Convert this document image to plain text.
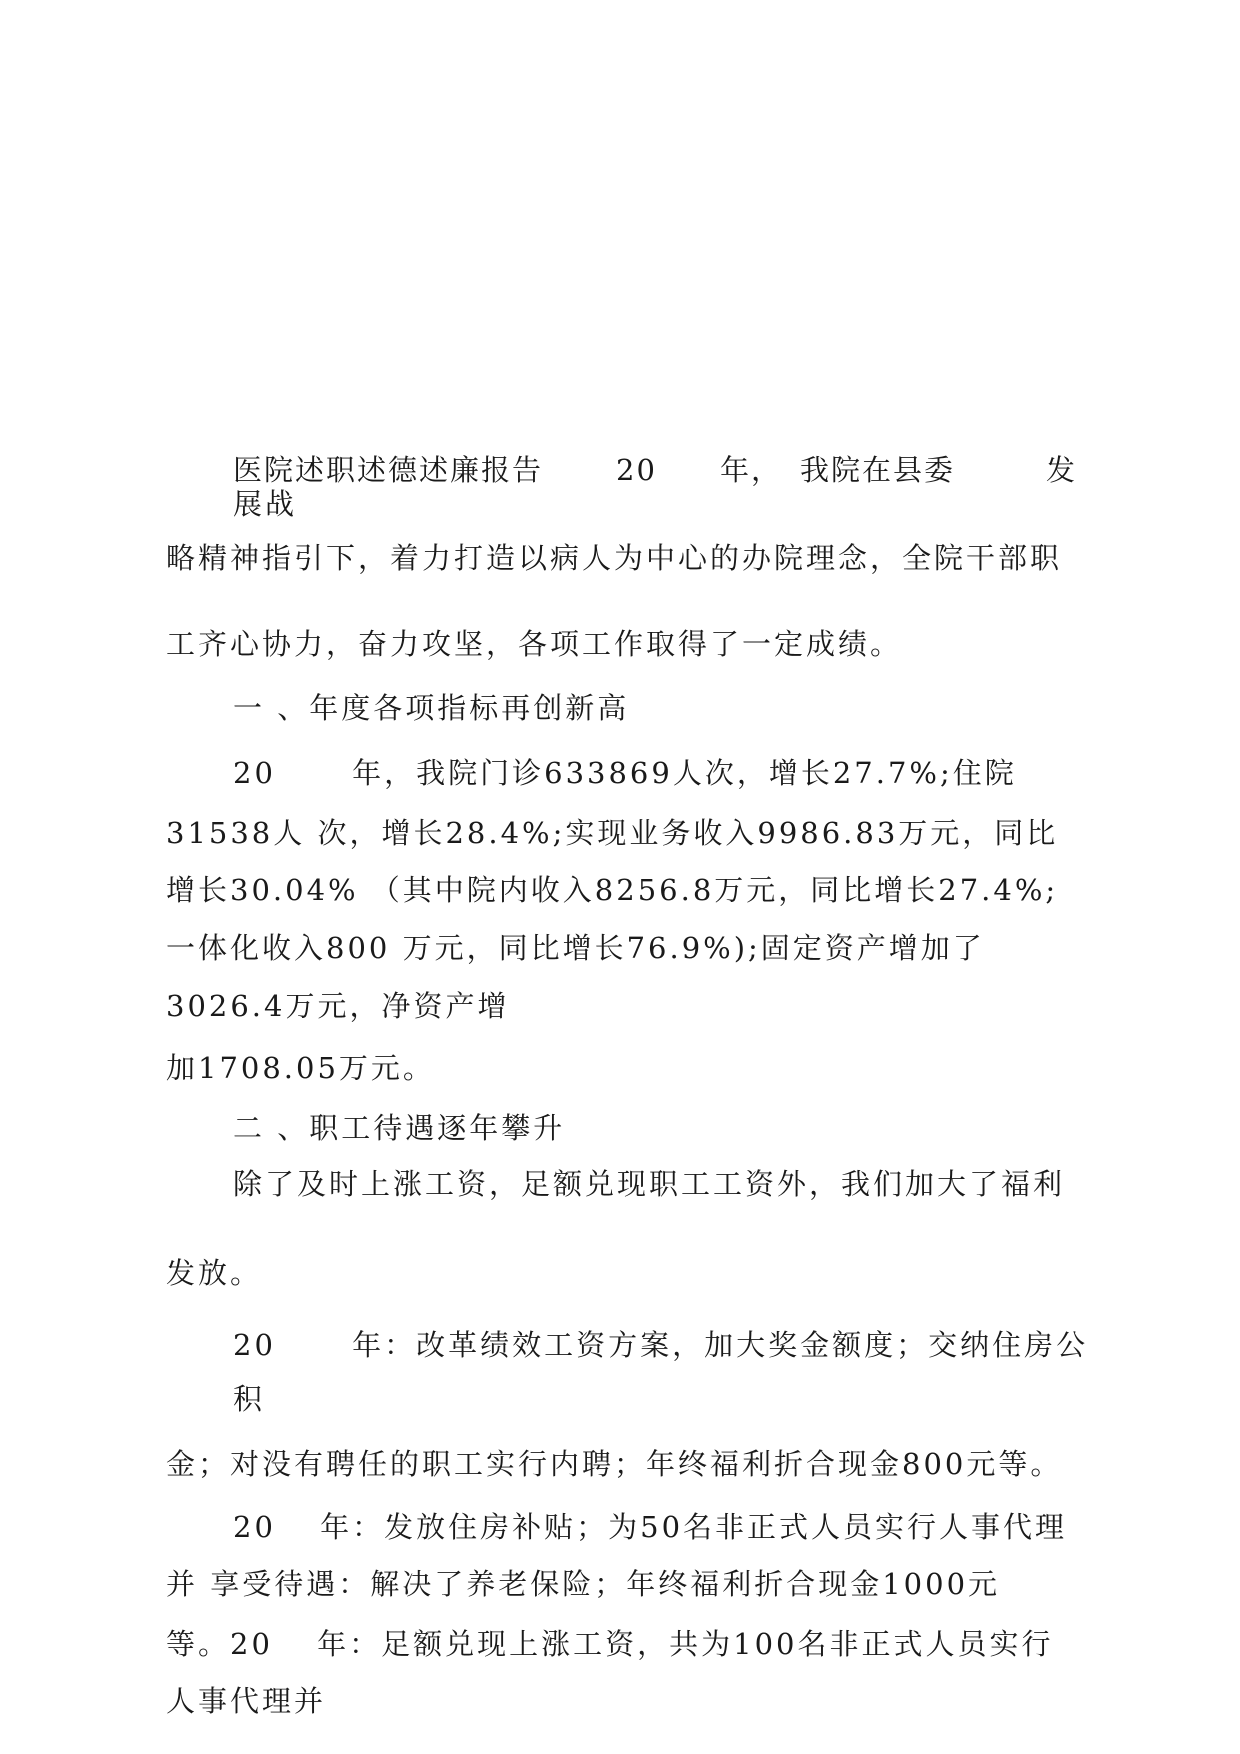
医院述职述德述廉报告	20 年， 我院在县委	发
展战
略精神指引下，着力打造以病人为中心的办院理念，全院干部职
工齐心协力，奋力攻坚，各项工作取得了一定成绩。
一 、年度各项指标再创新高
20　　 年，我院门诊633869人次，增长27.7%;住院
31538人 次，增长28.4%;实现业务收入9986.83万元，同比
增长30.04% （其中院内收入8256.8万元，同比增长27.4%;
一体化收入800 万元，同比增长76.9%);固定资产增加了
3026.4万元，净资产增
加1708.05万元。
二 、职工待遇逐年攀升
除了及时上涨工资，足额兑现职工工资外，我们加大了福利
发放。
20　　 年：改革绩效工资方案，加大奖金额度；交纳住房公
积
金；对没有聘任的职工实行内聘；年终福利折合现金800元等。
20　 年：发放住房补贴；为50名非正式人员实行人事代理
并 享受待遇：解决了养老保险；年终福利折合现金1000元
等。20　 年：足额兑现上涨工资，共为100名非正式人员实行
人事代理并
